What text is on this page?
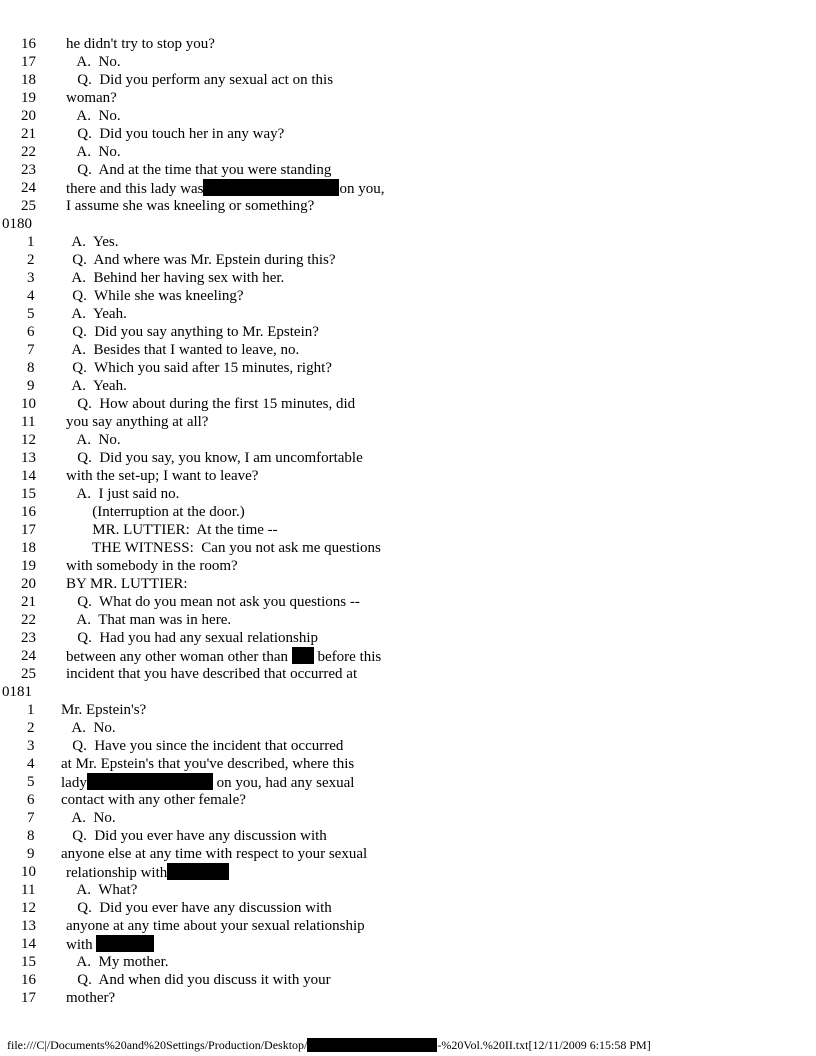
16 he didn't try to stop you?
17 A.  No.
18 Q.  Did you perform any sexual act on this
19 woman?
20 A.  No.
21 Q.  Did you touch her in any way?
22 A.  No.
23 Q.  And at the time that you were standing
24 there and this lady was	on you,
25 I assume she was kneeling or something?
0180
1 A.  Yes.
2 Q.  And where was Mr. Epstein during this?
3 A.  Behind her having sex with her.
4 Q.  While she was kneeling?
5 A.  Yeah.
6 Q.  Did you say anything to Mr. Epstein?
7 A.  Besides that I wanted to leave, no.
8 Q.  Which you said after 15 minutes, right?
9 A.  Yeah.
10 Q.  How about during the first 15 minutes, did
11 you say anything at all?
12 A.  No.
13 Q.  Did you say, you know, I am uncomfortable
14 with the set-up; I want to leave?
15 A.  I just said no.
16 (Interruption at the door.)
17 MR. LUTTIER:  At the time --
18 THE WITNESS:  Can you not ask me questions
19 with somebody in the room?
20 BY MR. LUTTIER:
21 Q.  What do you mean not ask you questions --
22 A.  That man was in here.
23 Q.  Had you had any sexual relationship
24 between any other woman other than  before this
25 incident that you have described that occurred at
0181
1 Mr. Epstein's?
2 A.  No.
3 Q.  Have you since the incident that occurred
4 at Mr. Epstein's that you've described, where this
5 lady	on you, had any sexual
6 contact with any other female?
7 A.  No.
8 Q.  Did you ever have any discussion with
9 anyone else at any time with respect to your sexual
10 relationship with
11 A.  What?
12 Q.  Did you ever have any discussion with
13 anyone at any time about your sexual relationship
14 with
15 A.  My mother.
16 Q.  And when did you discuss it with your
17 mother?
file:///C|/Documents%20and%20Settings/Production/Desktop/	-%20Vol.%20II.txt[12/11/2009 6:15:58 PM]
